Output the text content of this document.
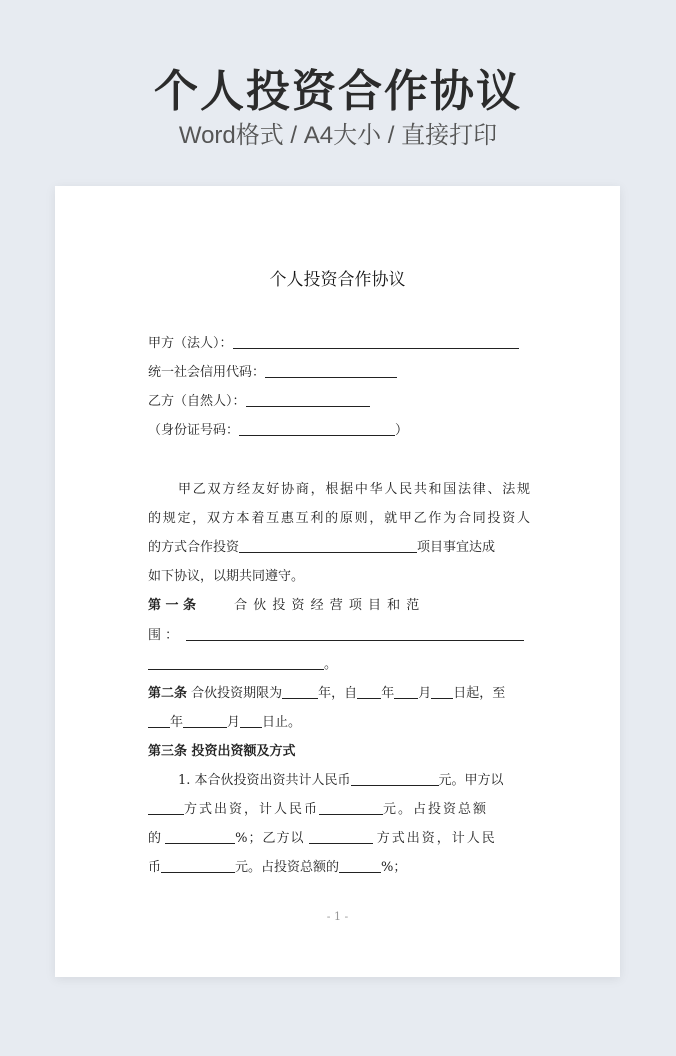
个人投资合作协议
Word格式 / A4大小 / 直接打印
个人投资合作协议
甲方（法人）：
统一社会信用代码：
乙方（自然人）：
（身份证号码：	）
甲乙双方经友好协商，根据中华人民共和国法律、法规
的规定，双方本着互惠互利的原则，就甲乙作为合同投资人
的方式合作投资	项目事宜达成
如下协议，以期共同遵守。
第 一 条	合 伙 投 资 经 营 项 目 和 范
围 ：
。
第二条 合伙投资期限为	年，自 年 月 日起，至
年	月 日止。
第三条 投资出资额及方式
1. 本合伙投资出资共计人民币	元。甲方以
方式出资，计人民币	元。占投资总额
的	%；乙方以	方式出资，计人民
币	元。占投资总额的	%；
- 1 -
